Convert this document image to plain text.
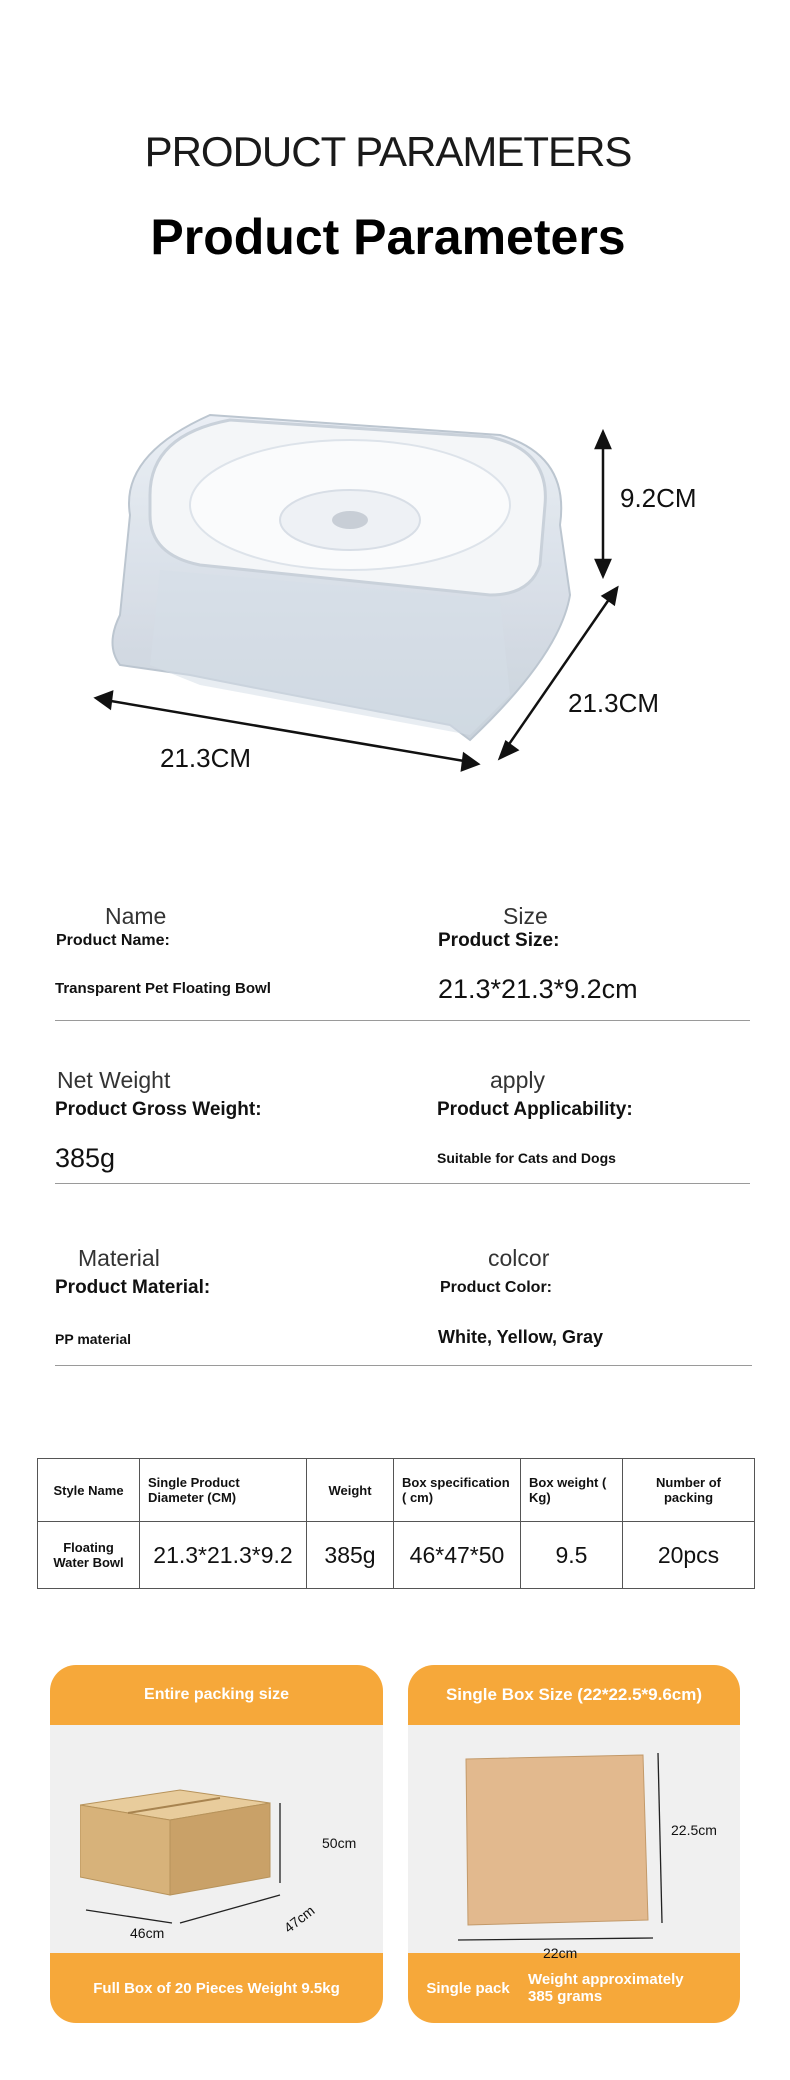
PRODUCT PARAMETERS
Product Parameters
9.2CM
21.3CM
21.3CM
Name
Product Name:
Transparent Pet Floating Bowl
Size
Product Size:
21.3*21.3*9.2cm
Net Weight
Product Gross Weight:
385g
apply
Product Applicability:
Suitable for Cats and Dogs
Material
Product Material:
PP material
colcor
Product Color:
White, Yellow, Gray
Style Name	Single Product Diameter (CM)	Weight	Box specification ( cm)	Box weight ( Kg)	Number of packing
Floating Water Bowl	21.3*21.3*9.2	385g	46*47*50	9.5	20pcs
Entire packing size
50cm
46cm	47cm
Full Box of 20 Pieces Weight 9.5kg
Single Box Size (22*22.5*9.6cm)
22.5cm
22cm
Single pack	Weight approximately 385 grams
